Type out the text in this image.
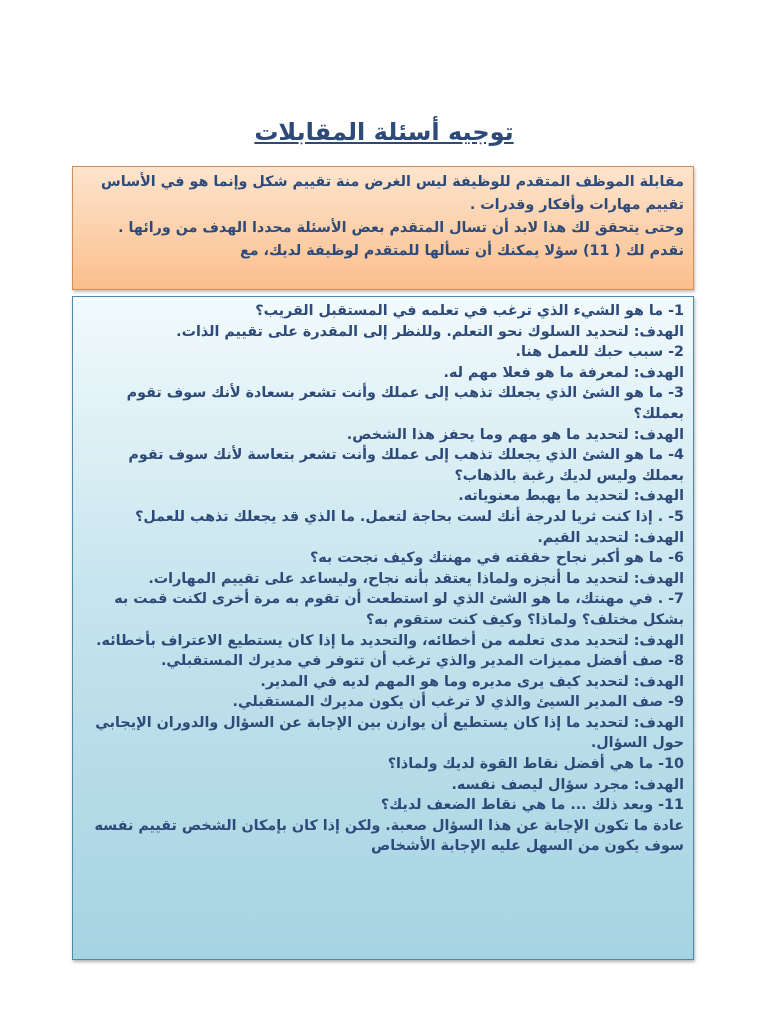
توجيه أسئلة المقابلات
مقابلة الموظف المتقدم للوظيفة ليس الغرض منة تقييم شكل وإنما هو في الأساس تقييم مهارات وأفكار وقدرات .
وحتى يتحقق لك هذا لابد أن تسال المتقدم بعض الأسئلة محددا الهدف من ورائها .
نقدم لك ( 11) سؤلا يمكنك أن تسألها للمتقدم لوظيفة لديك، مع
1- ما هو الشيء الذي ترغب في تعلمه في المستقبل القريب؟
الهدف: لتحديد السلوك نحو التعلم. وللنظر إلى المقدرة على تقييم الذات.
2- سبب حبك للعمل هنا.
الهدف: لمعرفة ما هو فعلا مهم له.
3- ما هو الشئ الذي يجعلك تذهب إلى عملك وأنت تشعر بسعادة لأنك سوف تقوم بعملك؟
الهدف: لتحديد ما هو مهم وما يحفز هذا الشخص.
4- ما هو الشئ الذي يجعلك تذهب إلى عملك وأنت تشعر بتعاسة لأنك سوف تقوم بعملك وليس لديك رغبة بالذهاب؟
الهدف: لتحديد ما يهبط معنوياته.
5- . إذا كنت ثريا لدرجة أنك لست بحاجة لتعمل. ما الذي قد يجعلك تذهب للعمل؟
الهدف: لتحديد القيم.
6- ما هو أكبر نجاح حققته في مهنتك وكيف نجحت به؟
الهدف: لتحديد ما أنجزه ولماذا يعتقد بأنه نجاح، وليساعد على تقييم المهارات.
7- . في مهنتك، ما هو الشئ الذي لو استطعت أن تقوم به مرة أخرى لكنت قمت به بشكل مختلف؟ ولماذا؟ وكيف كنت ستقوم به؟
الهدف: لتحديد مدى تعلمه من أخطائه، والتحديد ما إذا كان يستطيع الاعتراف بأخطائه.
8- صف أفضل مميزات المدير والذي ترغب أن تتوفر في مديرك المستقبلي.
الهدف: لتحديد كيف يرى مديره وما هو المهم لديه في المدير.
9- صف المدير السيئ والذي لا ترغب أن يكون مديرك المستقبلي.
الهدف: لتحديد ما إذا كان يستطيع أن يوازن بين الإجابة عن السؤال والدوران الإيجابي حول السؤال.
10- ما هي أفضل نقاط القوة لديك ولماذا؟
الهدف: مجرد سؤال ليصف نفسه.
11- وبعد ذلك ... ما هي نقاط الضعف لديك؟
عادة ما تكون الإجابة عن هذا السؤال صعبة. ولكن إذا كان بإمكان الشخص تقييم نفسه سوف يكون من السهل عليه الإجابة الأشخاص
